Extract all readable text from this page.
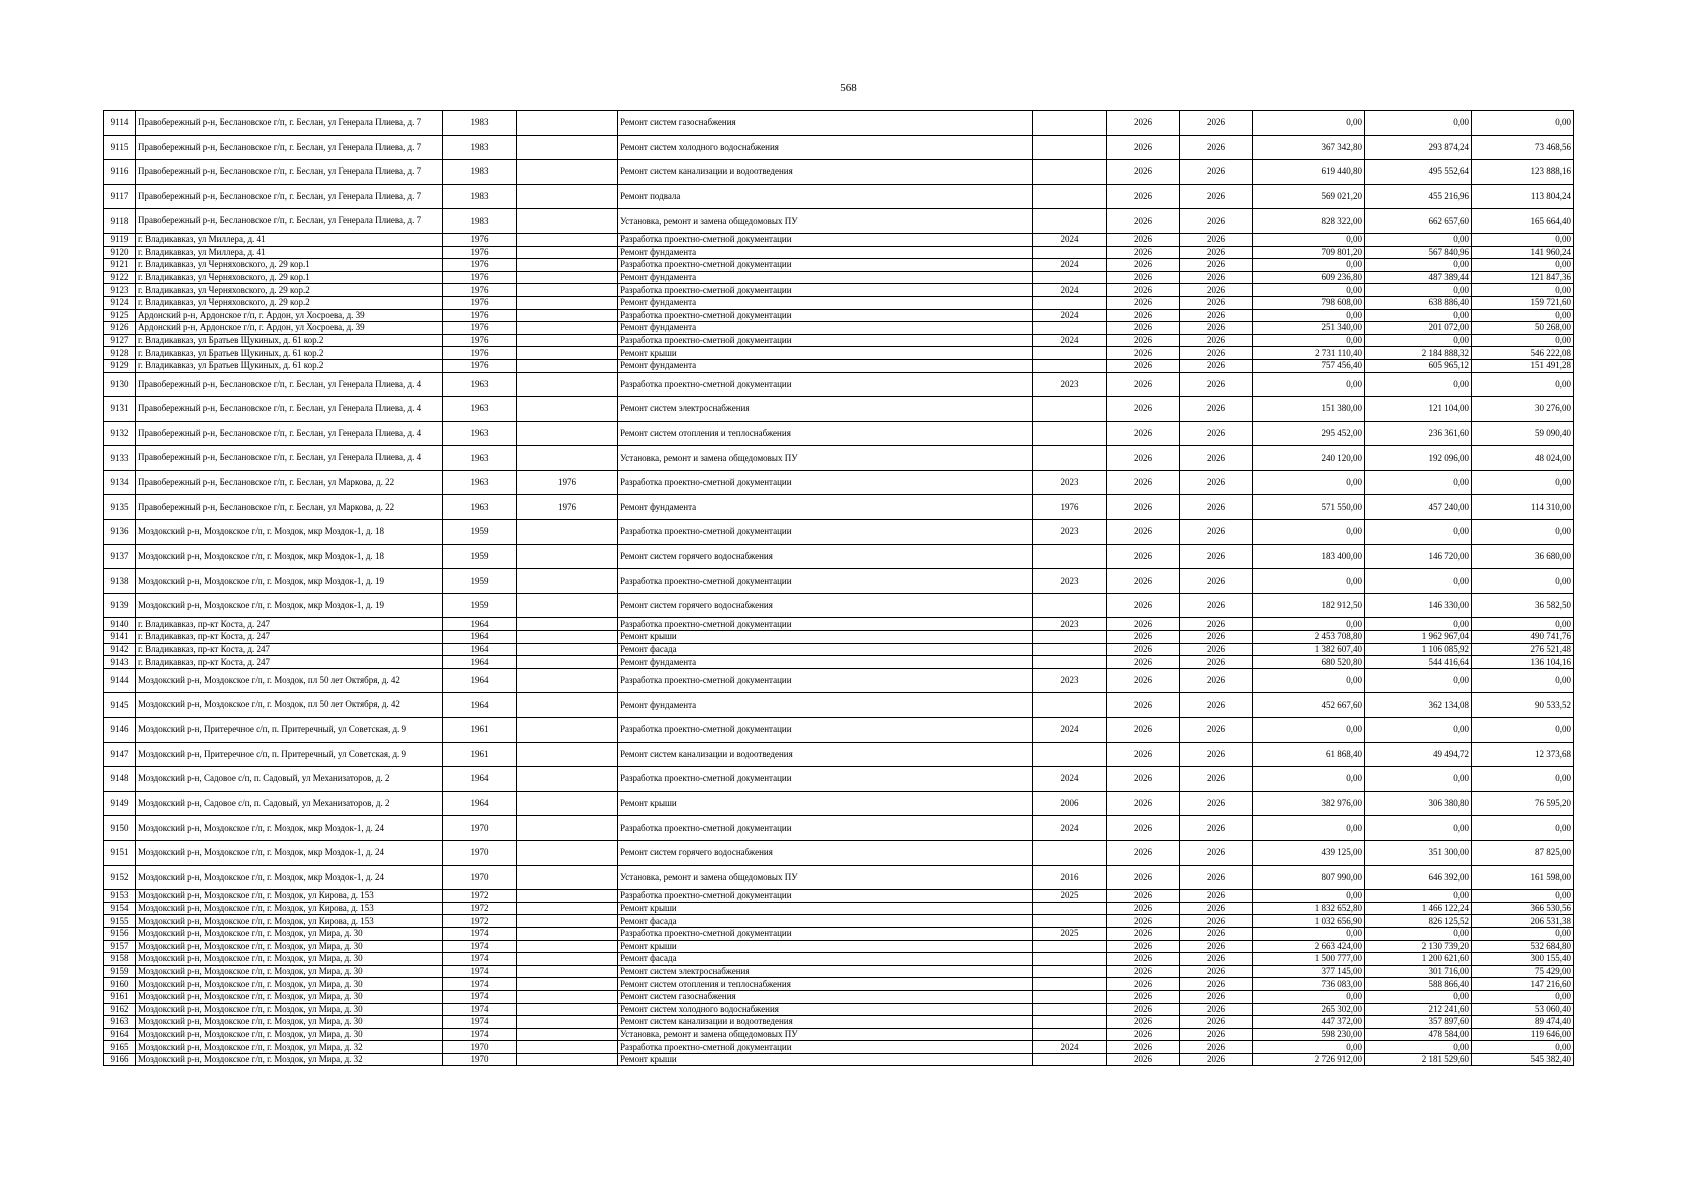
568
9114	Правобережный р-н, Беслановское г/п, г. Беслан, ул Генерала Плиева, д. 7	1983		Ремонт систем газоснабжения		2026	2026	0,00	0,00	0,00
9115	Правобережный р-н, Беслановское г/п, г. Беслан, ул Генерала Плиева, д. 7	1983		Ремонт систем холодного водоснабжения		2026	2026	367 342,80	293 874,24	73 468,56
9116	Правобережный р-н, Беслановское г/п, г. Беслан, ул Генерала Плиева, д. 7	1983		Ремонт систем канализации и водоотведения		2026	2026	619 440,80	495 552,64	123 888,16
9117	Правобережный р-н, Беслановское г/п, г. Беслан, ул Генерала Плиева, д. 7	1983		Ремонт подвала		2026	2026	569 021,20	455 216,96	113 804,24
9118	Правобережный р-н, Беслановское г/п, г. Беслан, ул Генерала Плиева, д. 7	1983		Установка, ремонт и замена общедомовых ПУ		2026	2026	828 322,00	662 657,60	165 664,40
9119	г. Владикавказ, ул Миллера, д. 41	1976		Разработка проектно-сметной документации	2024	2026	2026	0,00	0,00	0,00
9120	г. Владикавказ, ул Миллера, д. 41	1976		Ремонт фундамента		2026	2026	709 801,20	567 840,96	141 960,24
9121	г. Владикавказ, ул Черняховского, д. 29 кор.1	1976		Разработка проектно-сметной документации	2024	2026	2026	0,00	0,00	0,00
9122	г. Владикавказ, ул Черняховского, д. 29 кор.1	1976		Ремонт фундамента		2026	2026	609 236,80	487 389,44	121 847,36
9123	г. Владикавказ, ул Черняховского, д. 29 кор.2	1976		Разработка проектно-сметной документации	2024	2026	2026	0,00	0,00	0,00
9124	г. Владикавказ, ул Черняховского, д. 29 кор.2	1976		Ремонт фундамента		2026	2026	798 608,00	638 886,40	159 721,60
9125	Ардонский р-н, Ардонское г/п, г. Ардон, ул Хосроева, д. 39	1976		Разработка проектно-сметной документации	2024	2026	2026	0,00	0,00	0,00
9126	Ардонский р-н, Ардонское г/п, г. Ардон, ул Хосроева, д. 39	1976		Ремонт фундамента		2026	2026	251 340,00	201 072,00	50 268,00
9127	г. Владикавказ, ул Братьев Щукиных, д. 61 кор.2	1976		Разработка проектно-сметной документации	2024	2026	2026	0,00	0,00	0,00
9128	г. Владикавказ, ул Братьев Щукиных, д. 61 кор.2	1976		Ремонт крыши		2026	2026	2 731 110,40	2 184 888,32	546 222,08
9129	г. Владикавказ, ул Братьев Щукиных, д. 61 кор.2	1976		Ремонт фундамента		2026	2026	757 456,40	605 965,12	151 491,28
9130	Правобережный р-н, Беслановское г/п, г. Беслан, ул Генерала Плиева, д. 4	1963		Разработка проектно-сметной документации	2023	2026	2026	0,00	0,00	0,00
9131	Правобережный р-н, Беслановское г/п, г. Беслан, ул Генерала Плиева, д. 4	1963		Ремонт систем электроснабжения		2026	2026	151 380,00	121 104,00	30 276,00
9132	Правобережный р-н, Беслановское г/п, г. Беслан, ул Генерала Плиева, д. 4	1963		Ремонт систем отопления и теплоснабжения		2026	2026	295 452,00	236 361,60	59 090,40
9133	Правобережный р-н, Беслановское г/п, г. Беслан, ул Генерала Плиева, д. 4	1963		Установка, ремонт и замена общедомовых ПУ		2026	2026	240 120,00	192 096,00	48 024,00
9134	Правобережный р-н, Беслановское г/п, г. Беслан, ул Маркова, д. 22	1963	1976	Разработка проектно-сметной документации	2023	2026	2026	0,00	0,00	0,00
9135	Правобережный р-н, Беслановское г/п, г. Беслан, ул Маркова, д. 22	1963	1976	Ремонт фундамента	1976	2026	2026	571 550,00	457 240,00	114 310,00
9136	Моздокский р-н, Моздокское г/п, г. Моздок, мкр Моздок-1, д. 18	1959		Разработка проектно-сметной документации	2023	2026	2026	0,00	0,00	0,00
9137	Моздокский р-н, Моздокское г/п, г. Моздок, мкр Моздок-1, д. 18	1959		Ремонт систем горячего водоснабжения		2026	2026	183 400,00	146 720,00	36 680,00
9138	Моздокский р-н, Моздокское г/п, г. Моздок, мкр Моздок-1, д. 19	1959		Разработка проектно-сметной документации	2023	2026	2026	0,00	0,00	0,00
9139	Моздокский р-н, Моздокское г/п, г. Моздок, мкр Моздок-1, д. 19	1959		Ремонт систем горячего водоснабжения		2026	2026	182 912,50	146 330,00	36 582,50
9140	г. Владикавказ, пр-кт Коста, д. 247	1964		Разработка проектно-сметной документации	2023	2026	2026	0,00	0,00	0,00
9141	г. Владикавказ, пр-кт Коста, д. 247	1964		Ремонт крыши		2026	2026	2 453 708,80	1 962 967,04	490 741,76
9142	г. Владикавказ, пр-кт Коста, д. 247	1964		Ремонт фасада		2026	2026	1 382 607,40	1 106 085,92	276 521,48
9143	г. Владикавказ, пр-кт Коста, д. 247	1964		Ремонт фундамента		2026	2026	680 520,80	544 416,64	136 104,16
9144	Моздокский р-н, Моздокское г/п, г. Моздок, пл 50 лет Октября, д. 42	1964		Разработка проектно-сметной документации	2023	2026	2026	0,00	0,00	0,00
9145	Моздокский р-н, Моздокское г/п, г. Моздок, пл 50 лет Октября, д. 42	1964		Ремонт фундамента		2026	2026	452 667,60	362 134,08	90 533,52
9146	Моздокский р-н, Притеречное с/п, п. Притеречный, ул Советская, д. 9	1961		Разработка проектно-сметной документации	2024	2026	2026	0,00	0,00	0,00
9147	Моздокский р-н, Притеречное с/п, п. Притеречный, ул Советская, д. 9	1961		Ремонт систем канализации и водоотведения		2026	2026	61 868,40	49 494,72	12 373,68
9148	Моздокский р-н, Садовое с/п, п. Садовый, ул Механизаторов, д. 2	1964		Разработка проектно-сметной документации	2024	2026	2026	0,00	0,00	0,00
9149	Моздокский р-н, Садовое с/п, п. Садовый, ул Механизаторов, д. 2	1964		Ремонт крыши	2006	2026	2026	382 976,00	306 380,80	76 595,20
9150	Моздокский р-н, Моздокское г/п, г. Моздок, мкр Моздок-1, д. 24	1970		Разработка проектно-сметной документации	2024	2026	2026	0,00	0,00	0,00
9151	Моздокский р-н, Моздокское г/п, г. Моздок, мкр Моздок-1, д. 24	1970		Ремонт систем горячего водоснабжения		2026	2026	439 125,00	351 300,00	87 825,00
9152	Моздокский р-н, Моздокское г/п, г. Моздок, мкр Моздок-1, д. 24	1970		Установка, ремонт и замена общедомовых ПУ	2016	2026	2026	807 990,00	646 392,00	161 598,00
9153	Моздокский р-н, Моздокское г/п, г. Моздок, ул Кирова, д. 153	1972		Разработка проектно-сметной документации	2025	2026	2026	0,00	0,00	0,00
9154	Моздокский р-н, Моздокское г/п, г. Моздок, ул Кирова, д. 153	1972		Ремонт крыши		2026	2026	1 832 652,80	1 466 122,24	366 530,56
9155	Моздокский р-н, Моздокское г/п, г. Моздок, ул Кирова, д. 153	1972		Ремонт фасада		2026	2026	1 032 656,90	826 125,52	206 531,38
9156	Моздокский р-н, Моздокское г/п, г. Моздок, ул Мира, д. 30	1974		Разработка проектно-сметной документации	2025	2026	2026	0,00	0,00	0,00
9157	Моздокский р-н, Моздокское г/п, г. Моздок, ул Мира, д. 30	1974		Ремонт крыши		2026	2026	2 663 424,00	2 130 739,20	532 684,80
9158	Моздокский р-н, Моздокское г/п, г. Моздок, ул Мира, д. 30	1974		Ремонт фасада		2026	2026	1 500 777,00	1 200 621,60	300 155,40
9159	Моздокский р-н, Моздокское г/п, г. Моздок, ул Мира, д. 30	1974		Ремонт систем электроснабжения		2026	2026	377 145,00	301 716,00	75 429,00
9160	Моздокский р-н, Моздокское г/п, г. Моздок, ул Мира, д. 30	1974		Ремонт систем отопления и теплоснабжения		2026	2026	736 083,00	588 866,40	147 216,60
9161	Моздокский р-н, Моздокское г/п, г. Моздок, ул Мира, д. 30	1974		Ремонт систем газоснабжения		2026	2026	0,00	0,00	0,00
9162	Моздокский р-н, Моздокское г/п, г. Моздок, ул Мира, д. 30	1974		Ремонт систем холодного водоснабжения		2026	2026	265 302,00	212 241,60	53 060,40
9163	Моздокский р-н, Моздокское г/п, г. Моздок, ул Мира, д. 30	1974		Ремонт систем канализации и водоотведения		2026	2026	447 372,00	357 897,60	89 474,40
9164	Моздокский р-н, Моздокское г/п, г. Моздок, ул Мира, д. 30	1974		Установка, ремонт и замена общедомовых ПУ		2026	2026	598 230,00	478 584,00	119 646,00
9165	Моздокский р-н, Моздокское г/п, г. Моздок, ул Мира, д. 32	1970		Разработка проектно-сметной документации	2024	2026	2026	0,00	0,00	0,00
9166	Моздокский р-н, Моздокское г/п, г. Моздок, ул Мира, д. 32	1970		Ремонт крыши		2026	2026	2 726 912,00	2 181 529,60	545 382,40
